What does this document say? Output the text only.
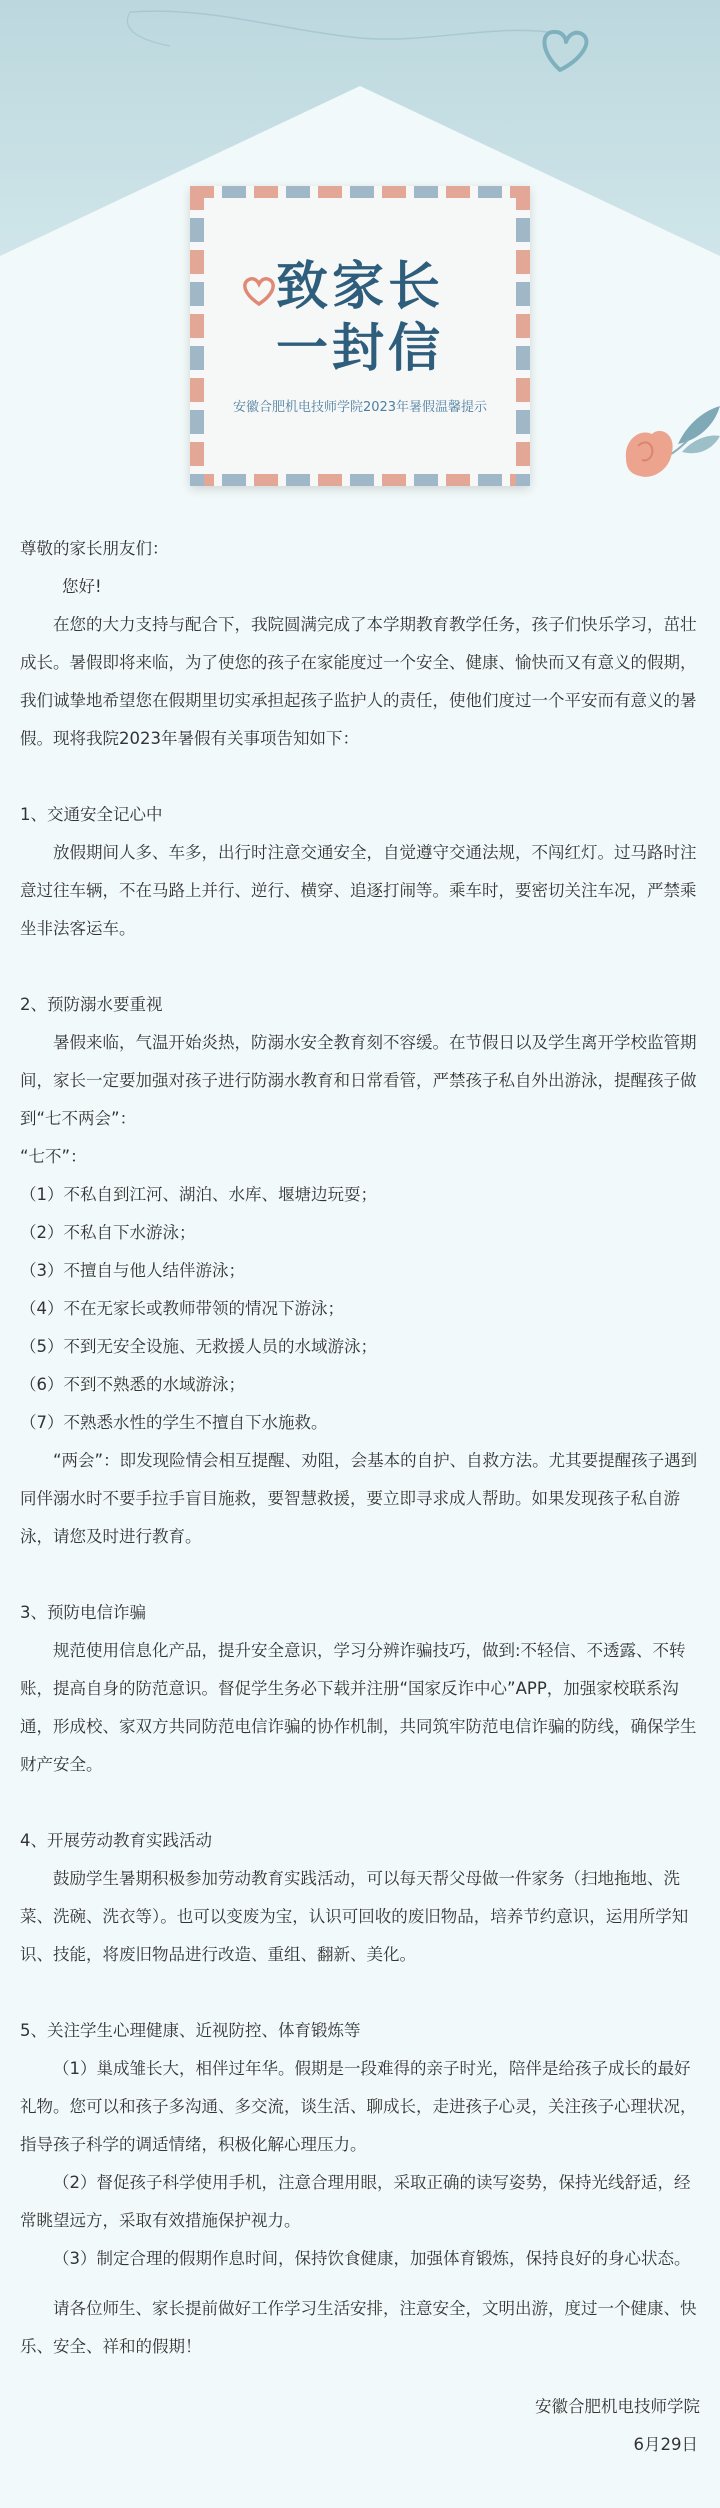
致家长
一封信
安徽合肥机电技师学院2023年暑假温馨提示

尊敬的家长朋友们：

您好!

在您的大力支持与配合下，我院圆满完成了本学期教育教学任务，孩子们快乐学习，茁壮成长。暑假即将来临，为了使您的孩子在家能度过一个安全、健康、愉快而又有意义的假期，我们诚挚地希望您在假期里切实承担起孩子监护人的责任，使他们度过一个平安而有意义的暑假。现将我院2023年暑假有关事项告知如下：

1、交通安全记心中

放假期间人多、车多，出行时注意交通安全，自觉遵守交通法规，不闯红灯。过马路时注意过往车辆，不在马路上并行、逆行、横穿、追逐打闹等。乘车时，要密切关注车况，严禁乘坐非法客运车。

2、预防溺水要重视

暑假来临，气温开始炎热，防溺水安全教育刻不容缓。在节假日以及学生离开学校监管期间，家长一定要加强对孩子进行防溺水教育和日常看管，严禁孩子私自外出游泳，提醒孩子做到“七不两会”：

“七不”：

（1）不私自到江河、湖泊、水库、堰塘边玩耍；

（2）不私自下水游泳；

（3）不擅自与他人结伴游泳；

（4）不在无家长或教师带领的情况下游泳；

（5）不到无安全设施、无救援人员的水域游泳；

（6）不到不熟悉的水域游泳；

（7）不熟悉水性的学生不擅自下水施救。

“两会”：即发现险情会相互提醒、劝阻，会基本的自护、自救方法。尤其要提醒孩子遇到同伴溺水时不要手拉手盲目施救，要智慧救援，要立即寻求成人帮助。如果发现孩子私自游泳，请您及时进行教育。

3、预防电信诈骗

规范使用信息化产品，提升安全意识，学习分辨诈骗技巧，做到:不轻信、不透露、不转账，提高自身的防范意识。督促学生务必下载并注册“国家反诈中心”APP，加强家校联系沟通，形成校、家双方共同防范电信诈骗的协作机制，共同筑牢防范电信诈骗的防线，确保学生财产安全。

4、开展劳动教育实践活动

鼓励学生暑期积极参加劳动教育实践活动，可以每天帮父母做一件家务（扫地拖地、洗菜、洗碗、洗衣等）。也可以变废为宝，认识可回收的废旧物品，培养节约意识，运用所学知识、技能，将废旧物品进行改造、重组、翻新、美化。

5、关注学生心理健康、近视防控、体育锻炼等

（1）巢成雏长大，相伴过年华。假期是一段难得的亲子时光，陪伴是给孩子成长的最好礼物。您可以和孩子多沟通、多交流，谈生活、聊成长，走进孩子心灵，关注孩子心理状况，指导孩子科学的调适情绪，积极化解心理压力。

（2）督促孩子科学使用手机，注意合理用眼，采取正确的读写姿势，保持光线舒适，经常眺望远方，采取有效措施保护视力。

（3）制定合理的假期作息时间，保持饮食健康，加强体育锻炼，保持良好的身心状态。

请各位师生、家长提前做好工作学习生活安排，注意安全，文明出游，度过一个健康、快乐、安全、祥和的假期！

安徽合肥机电技师学院

6月29日
